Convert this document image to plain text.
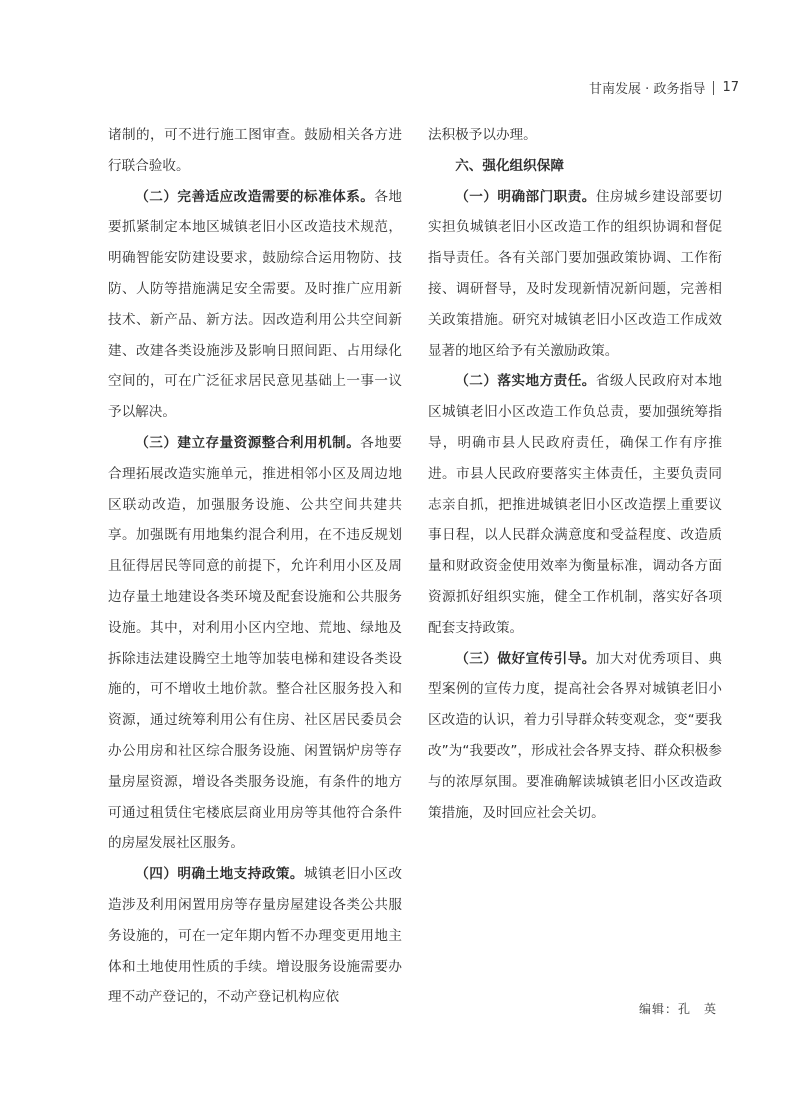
甘南发展 · 政务指导 17

诸制的，可不进行施工图审查。鼓励相关各方进行联合验收。

（二）完善适应改造需要的标准体系。各地要抓紧制定本地区城镇老旧小区改造技术规范，明确智能安防建设要求，鼓励综合运用物防、技防、人防等措施满足安全需要。及时推广应用新技术、新产品、新方法。因改造利用公共空间新建、改建各类设施涉及影响日照间距、占用绿化空间的，可在广泛征求居民意见基础上一事一议予以解决。

（三）建立存量资源整合利用机制。各地要合理拓展改造实施单元，推进相邻小区及周边地区联动改造，加强服务设施、公共空间共建共享。加强既有用地集约混合利用，在不违反规划且征得居民等同意的前提下，允许利用小区及周边存量土地建设各类环境及配套设施和公共服务设施。其中，对利用小区内空地、荒地、绿地及拆除违法建设腾空土地等加装电梯和建设各类设施的，可不增收土地价款。整合社区服务投入和资源，通过统筹利用公有住房、社区居民委员会办公用房和社区综合服务设施、闲置锅炉房等存量房屋资源，增设各类服务设施，有条件的地方可通过租赁住宅楼底层商业用房等其他符合条件的房屋发展社区服务。

（四）明确土地支持政策。城镇老旧小区改造涉及利用闲置用房等存量房屋建设各类公共服务设施的，可在一定年期内暂不办理变更用地主体和土地使用性质的手续。增设服务设施需要办理不动产登记的，不动产登记机构应依

法积极予以办理。

六、强化组织保障

（一）明确部门职责。住房城乡建设部要切实担负城镇老旧小区改造工作的组织协调和督促指导责任。各有关部门要加强政策协调、工作衔接、调研督导，及时发现新情况新问题，完善相关政策措施。研究对城镇老旧小区改造工作成效显著的地区给予有关激励政策。

（二）落实地方责任。省级人民政府对本地区城镇老旧小区改造工作负总责，要加强统筹指导，明确市县人民政府责任，确保工作有序推进。市县人民政府要落实主体责任，主要负责同志亲自抓，把推进城镇老旧小区改造摆上重要议事日程，以人民群众满意度和受益程度、改造质量和财政资金使用效率为衡量标准，调动各方面资源抓好组织实施，健全工作机制，落实好各项配套支持政策。

（三）做好宣传引导。加大对优秀项目、典型案例的宣传力度，提高社会各界对城镇老旧小区改造的认识，着力引导群众转变观念，变“要我改”为“我要改”，形成社会各界支持、群众积极参与的浓厚氛围。要准确解读城镇老旧小区改造政策措施，及时回应社会关切。

编辑：孔　英
